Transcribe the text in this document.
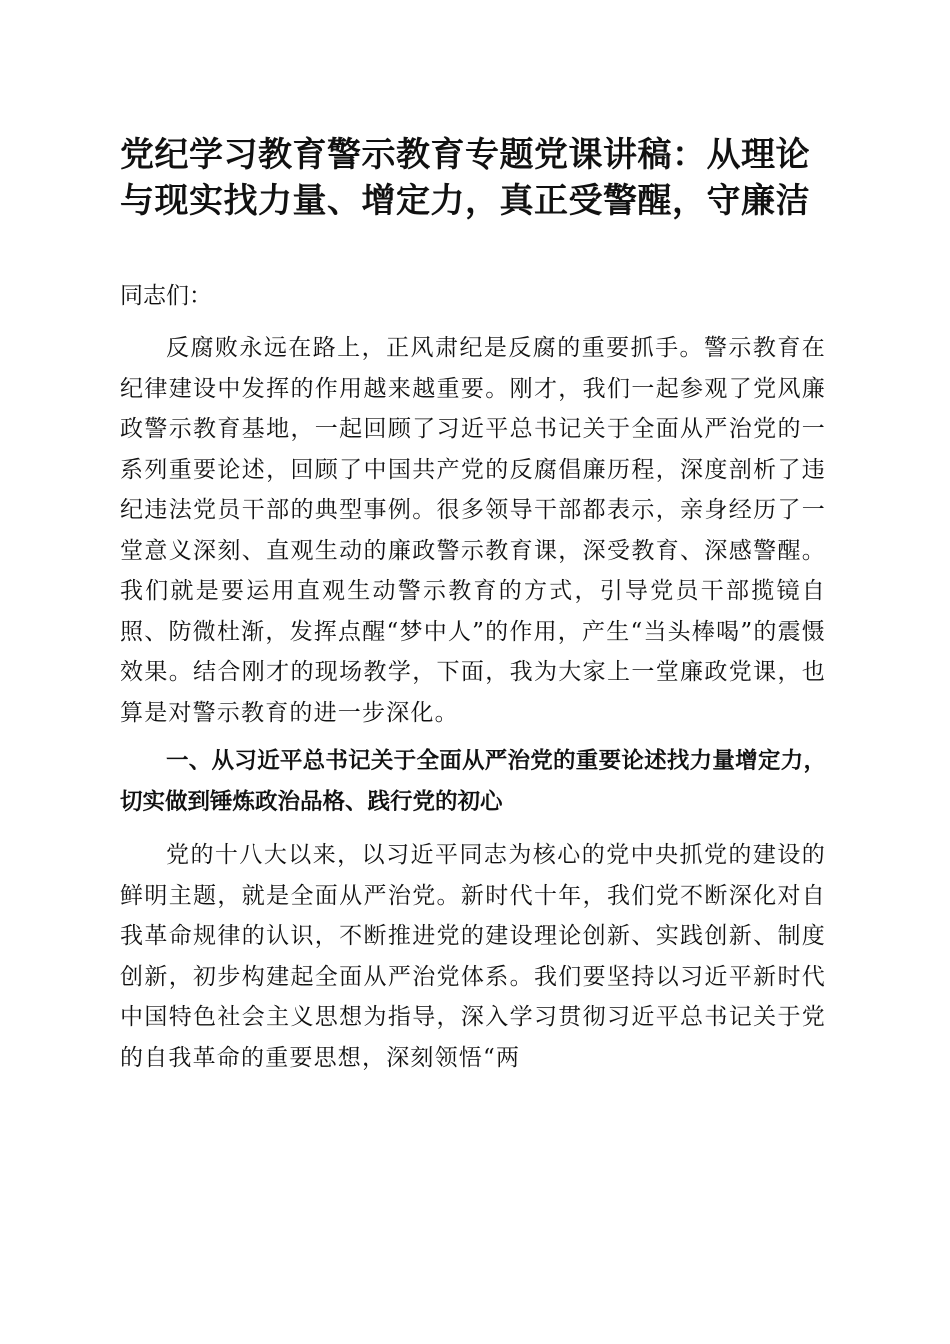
党纪学习教育警示教育专题党课讲稿：从理论与现实找力量、增定力，真正受警醒，守廉洁

同志们：

反腐败永远在路上，正风肃纪是反腐的重要抓手。警示教育在纪律建设中发挥的作用越来越重要。刚才，我们一起参观了党风廉政警示教育基地，一起回顾了习近平总书记关于全面从严治党的一系列重要论述，回顾了中国共产党的反腐倡廉历程，深度剖析了违纪违法党员干部的典型事例。很多领导干部都表示，亲身经历了一堂意义深刻、直观生动的廉政警示教育课，深受教育、深感警醒。我们就是要运用直观生动警示教育的方式，引导党员干部揽镜自照、防微杜渐，发挥点醒“梦中人”的作用，产生“当头棒喝”的震慑效果。结合刚才的现场教学，下面，我为大家上一堂廉政党课，也算是对警示教育的进一步深化。

一、从习近平总书记关于全面从严治党的重要论述找力量增定力，切实做到锤炼政治品格、践行党的初心

党的十八大以来，以习近平同志为核心的党中央抓党的建设的鲜明主题，就是全面从严治党。新时代十年，我们党不断深化对自我革命规律的认识，不断推进党的建设理论创新、实践创新、制度创新，初步构建起全面从严治党体系。我们要坚持以习近平新时代中国特色社会主义思想为指导，深入学习贯彻习近平总书记关于党的自我革命的重要思想，深刻领悟“两
